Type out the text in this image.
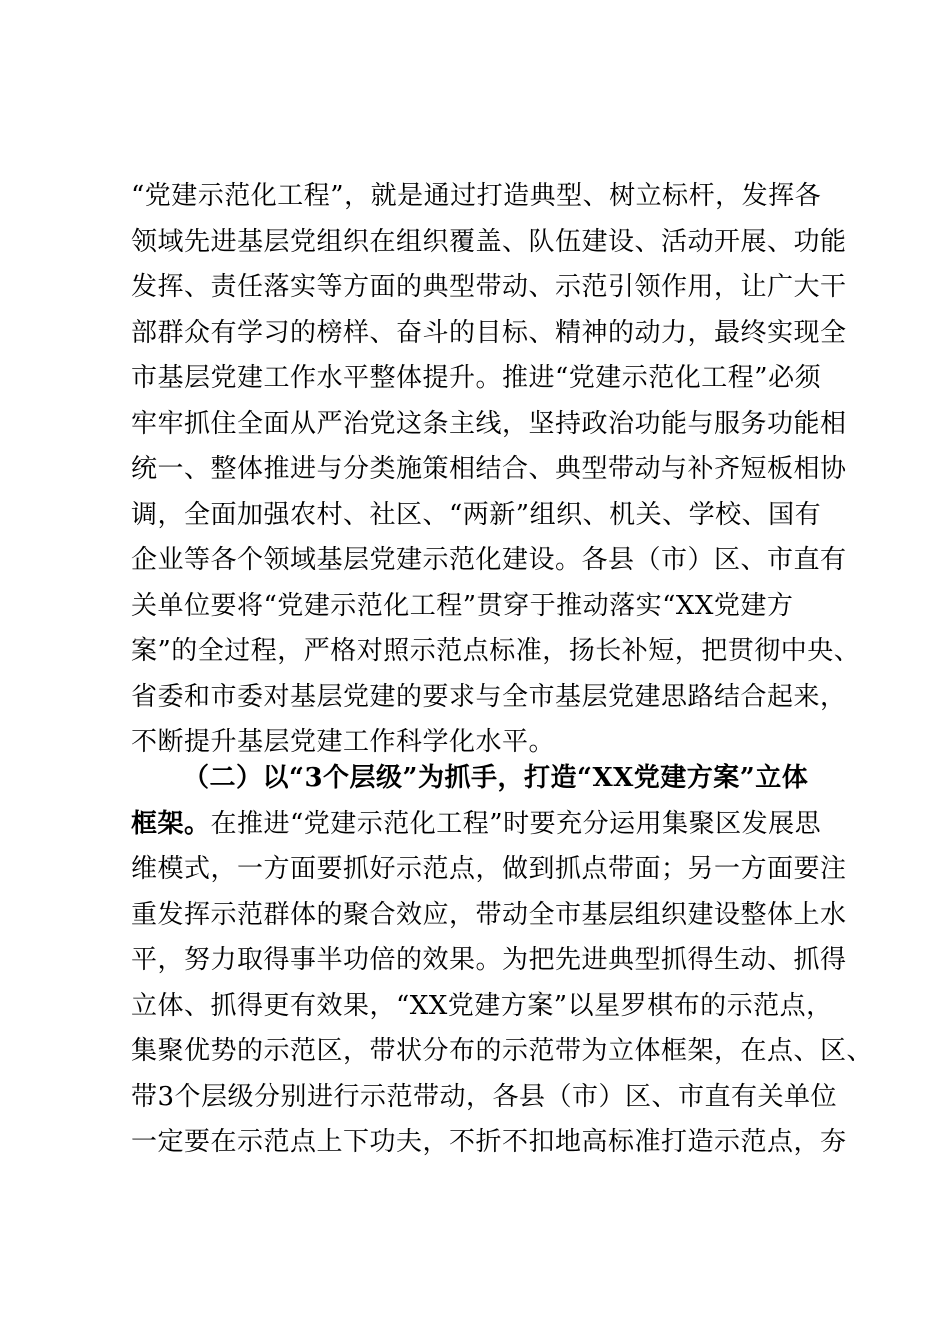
“党建示范化工程”，就是通过打造典型、树立标杆，发挥各
领域先进基层党组织在组织覆盖、队伍建设、活动开展、功能
发挥、责任落实等方面的典型带动、示范引领作用，让广大干
部群众有学习的榜样、奋斗的目标、精神的动力，最终实现全
市基层党建工作水平整体提升。推进“党建示范化工程”必须
牢牢抓住全面从严治党这条主线，坚持政治功能与服务功能相
统一、整体推进与分类施策相结合、典型带动与补齐短板相协
调，全面加强农村、社区、“两新”组织、机关、学校、国有
企业等各个领域基层党建示范化建设。各县（市）区、市直有
关单位要将“党建示范化工程”贯穿于推动落实“XX党建方
案”的全过程，严格对照示范点标准，扬长补短，把贯彻中央、
省委和市委对基层党建的要求与全市基层党建思路结合起来，
不断提升基层党建工作科学化水平。
（二）以“3个层级”为抓手，打造“XX党建方案”立体
框架。在推进“党建示范化工程”时要充分运用集聚区发展思
维模式，一方面要抓好示范点，做到抓点带面；另一方面要注
重发挥示范群体的聚合效应，带动全市基层组织建设整体上水
平，努力取得事半功倍的效果。为把先进典型抓得生动、抓得
立体、抓得更有效果，“XX党建方案”以星罗棋布的示范点，
集聚优势的示范区，带状分布的示范带为立体框架，在点、区、
带3个层级分别进行示范带动，各县（市）区、市直有关单位
一定要在示范点上下功夫，不折不扣地高标准打造示范点，夯
